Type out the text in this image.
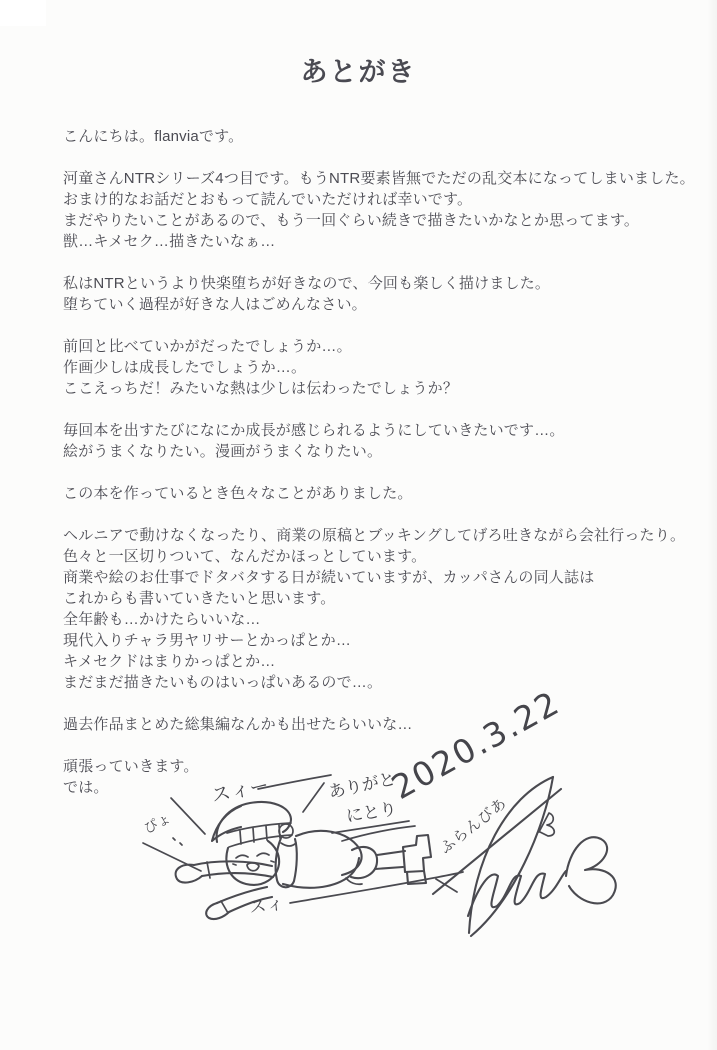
あとがき

こんにちは。flanviaです。

河童さんNTRシリーズ4つ目です。もうNTR要素皆無でただの乱交本になってしまいました。
おまけ的なお話だとおもって読んでいただければ幸いです。
まだやりたいことがあるので、もう一回ぐらい続きで描きたいかなとか思ってます。
獣…キメセク…描きたいなぁ…

私はNTRというより快楽堕ちが好きなので、今回も楽しく描けました。
堕ちていく過程が好きな人はごめんなさい。

前回と比べていかがだったでしょうか…。
作画少しは成長したでしょうか…。
ここえっちだ！みたいな熱は少しは伝わったでしょうか？

毎回本を出すたびになにか成長が感じられるようにしていきたいです…。
絵がうまくなりたい。漫画がうまくなりたい。

この本を作っているとき色々なことがありました。

ヘルニアで動けなくなったり、商業の原稿とブッキングしてげろ吐きながら会社行ったり。
色々と一区切りついて、なんだかほっとしています。
商業や絵のお仕事でドタバタする日が続いていますが、カッパさんの同人誌は
これからも書いていきたいと思います。
全年齢も…かけたらいいな…
現代入りチャラ男ヤリサーとかっぱとか…
キメセクドはまりかっぱとか…
まだまだ描きたいものはいっぱいあるので…。

過去作品まとめた総集編なんかも出せたらいいな…

頑張っていきます。
では。	スィー	ありがと
にとり
ぴょ
スィ
2020.3.22
ふらんびあ
